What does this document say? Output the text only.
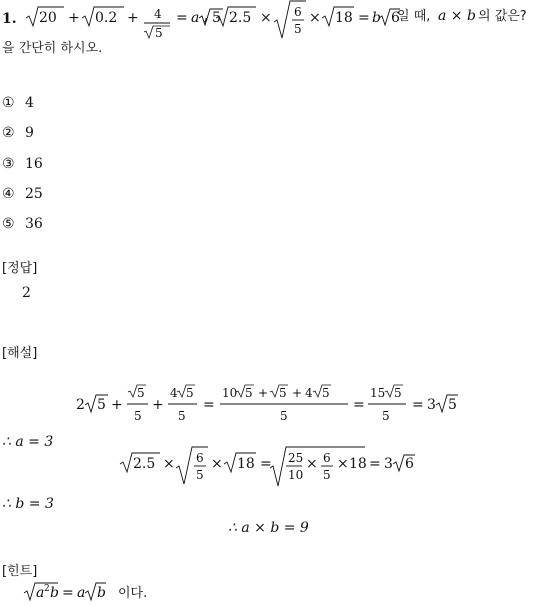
1. 20 + 0.2 + 4
5
= a 5
, 2.5 × 6
5
× 18 = b 6
일 때, a × b 의 값은?
을 간단히 하시오.
① 4
② 9
③ 16
④ 25
⑤ 36
[정답]
2
[해설]
2 5 +
5
5
+
4 5
5
=
10 5 + 5 + 4 5
5
=
15 5
5
= 3 5
∴ a = 3
2.5 × 6
5
× 18 = 25
10
× 6
5
× 18 = 3 6
∴ b = 3
∴ a × b = 9
[힌트]
a 2 b = a b 이다.
